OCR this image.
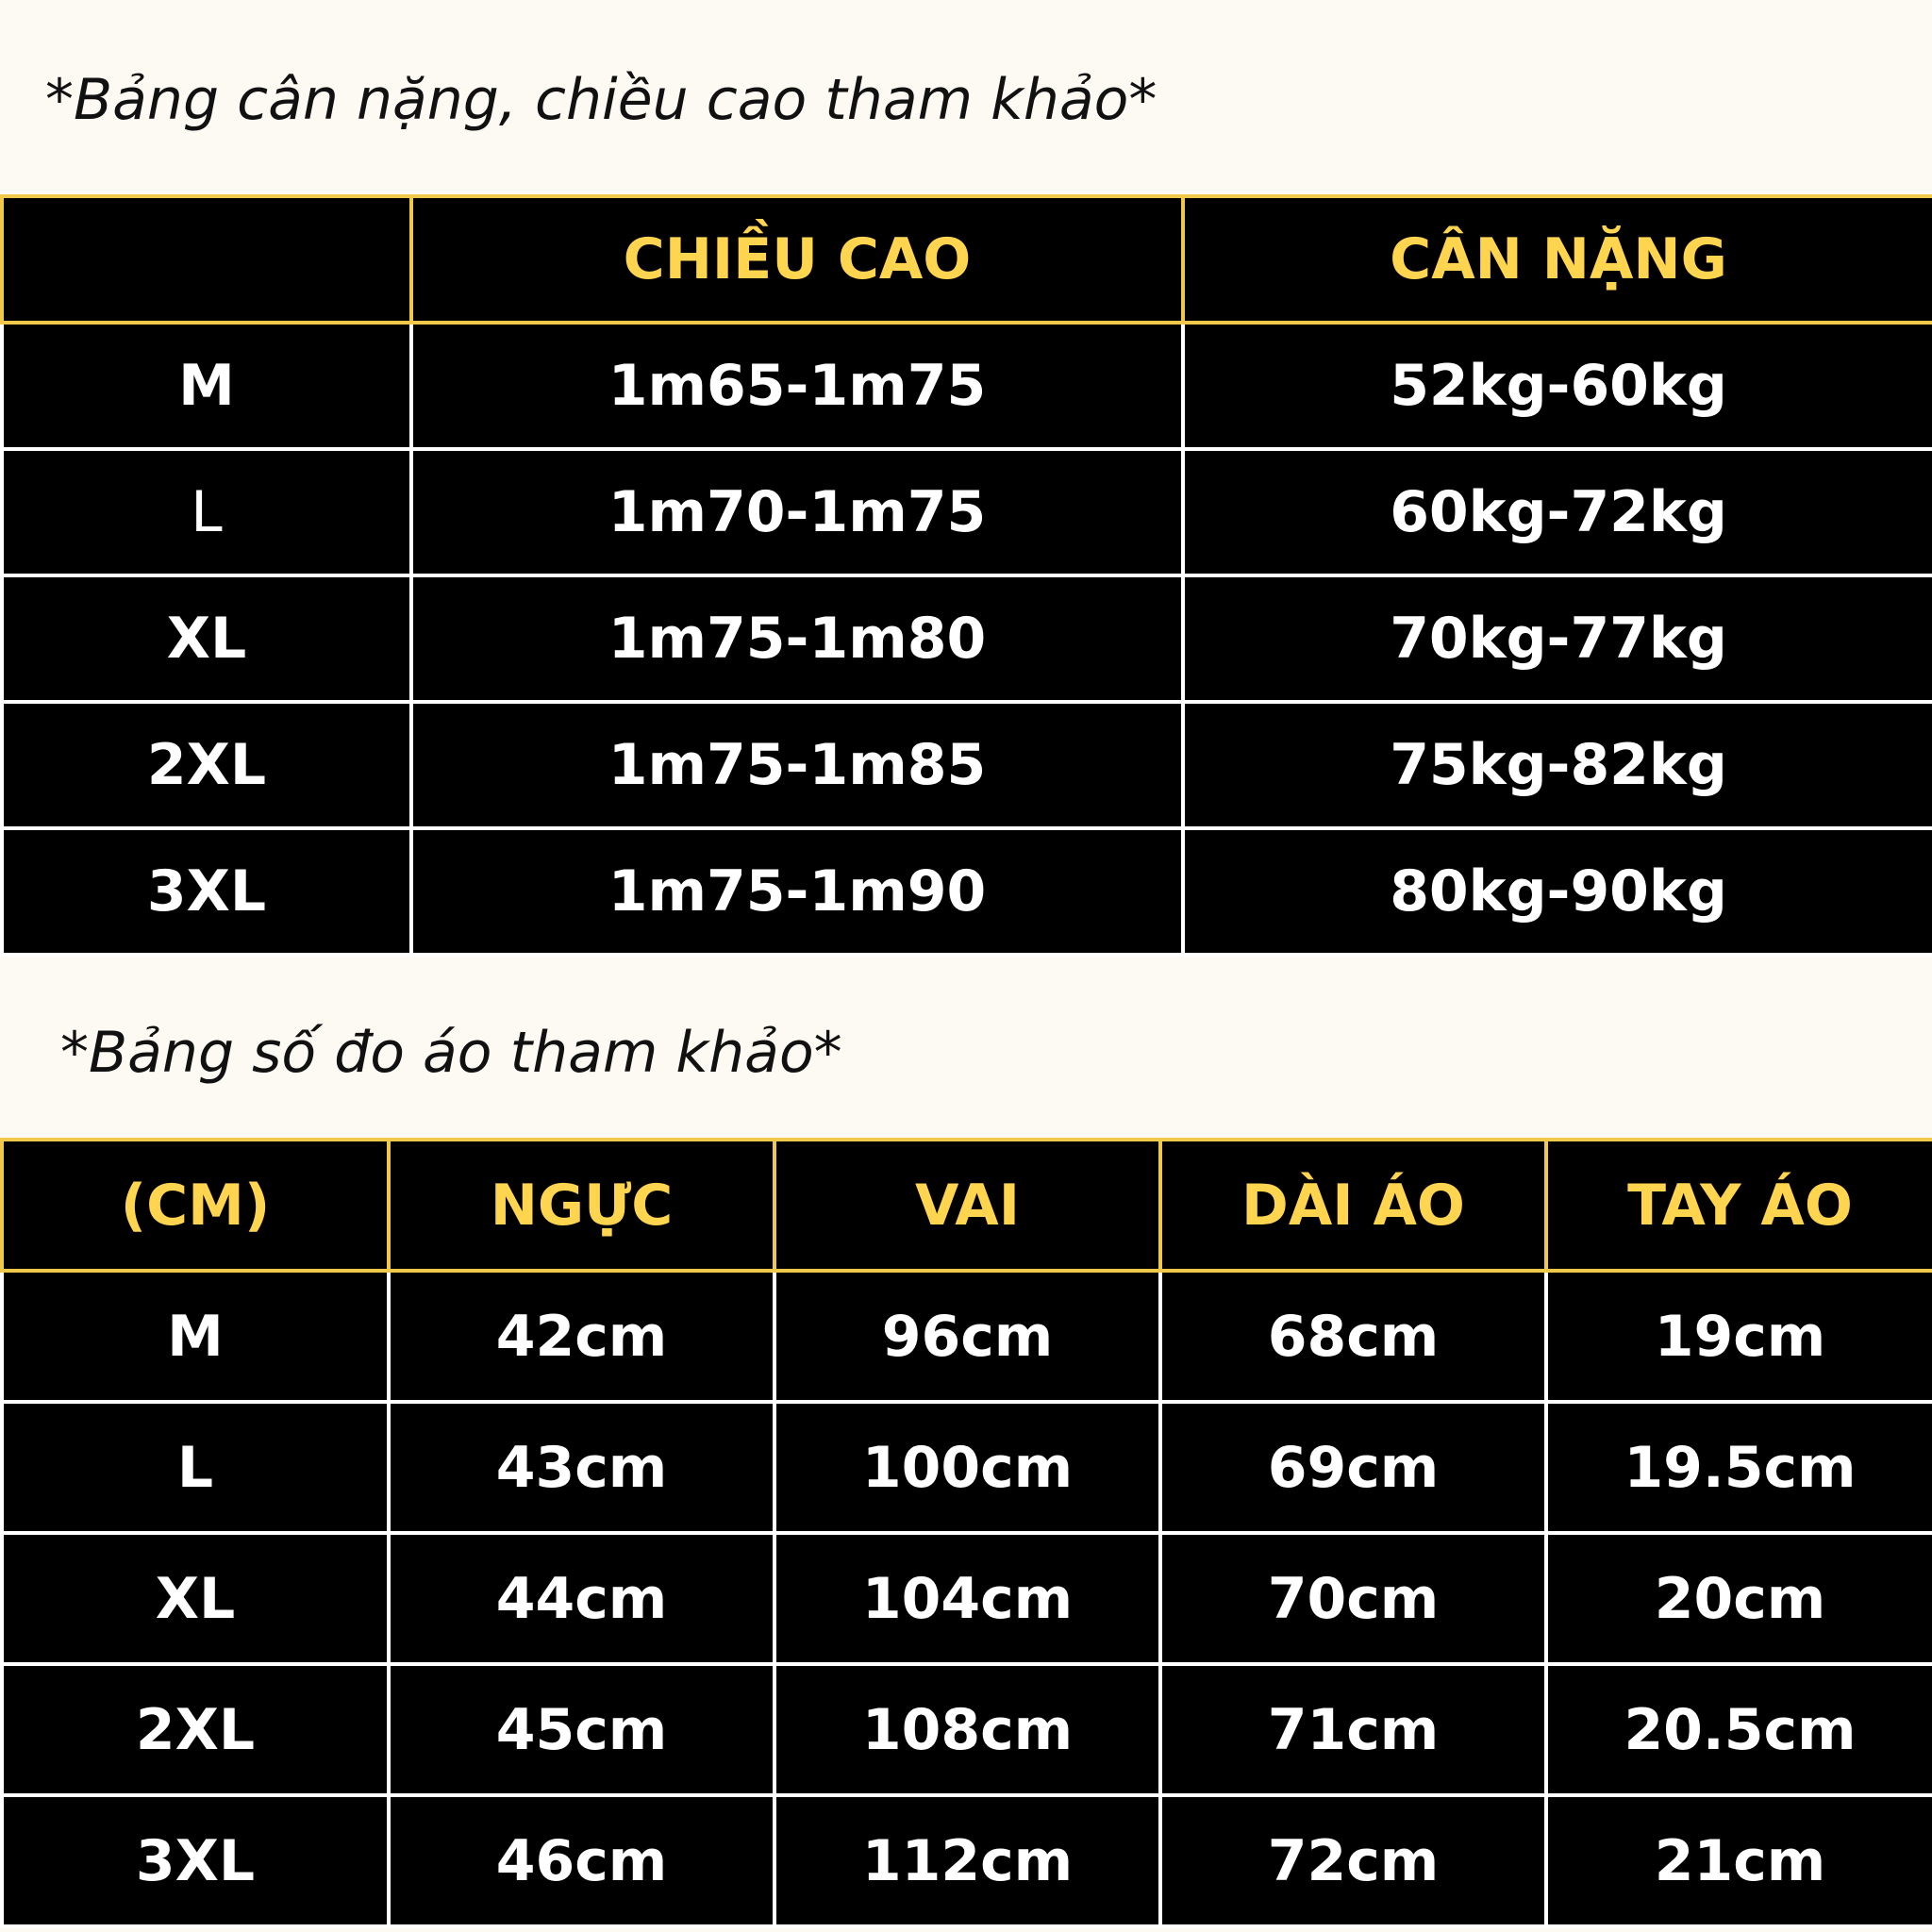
*Bảng cân nặng, chiều cao tham khảo*
	CHIỀU CAO	CÂN NẶNG
M	1m65-1m75	52kg-60kg
L	1m70-1m75	60kg-72kg
XL	1m75-1m80	70kg-77kg
2XL	1m75-1m85	75kg-82kg
3XL	1m75-1m90	80kg-90kg
*Bảng số đo áo tham khảo*
(CM)	NGỰC	VAI	DÀI ÁO	TAY ÁO
M	42cm	96cm	68cm	19cm
L	43cm	100cm	69cm	19.5cm
XL	44cm	104cm	70cm	20cm
2XL	45cm	108cm	71cm	20.5cm
3XL	46cm	112cm	72cm	21cm
